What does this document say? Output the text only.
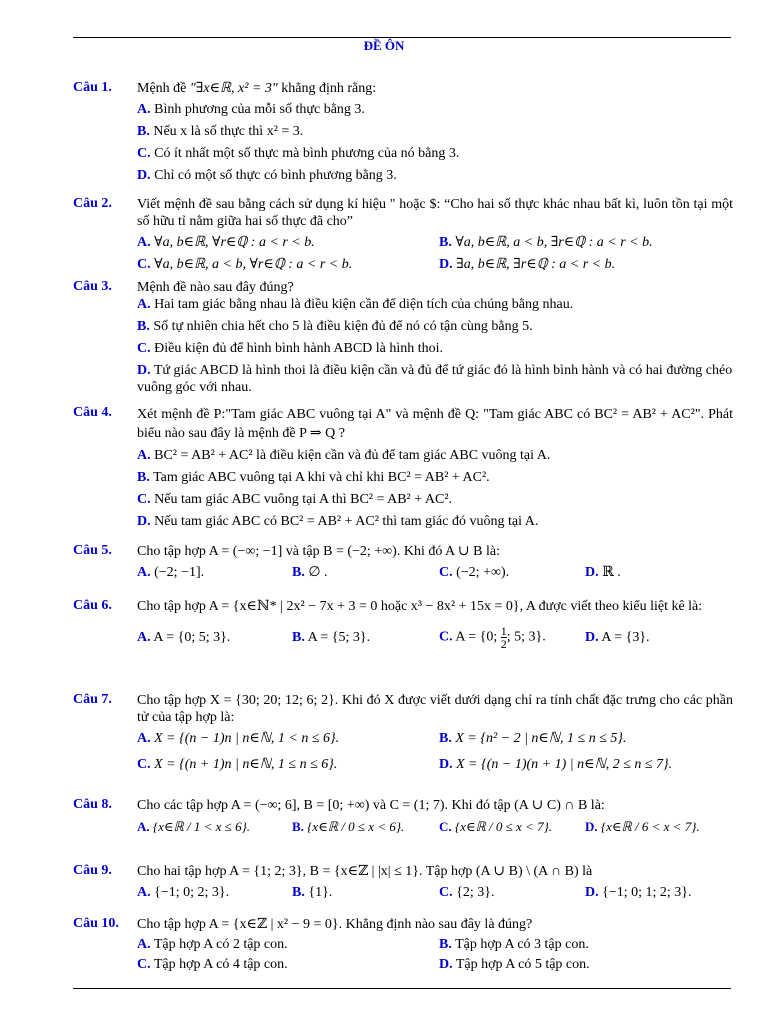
ĐỀ ÔN
Câu 1.	Mệnh đề "∃x∈ℝ, x² = 3" khẳng định rằng:
A. Bình phương của mỗi số thực bằng 3.
B. Nếu x là số thực thì x² = 3.
C. Có ít nhất một số thực mà bình phương của nó bằng 3.
D. Chỉ có một số thực có bình phương bằng 3.
Câu 2.	Viết mệnh đề sau bằng cách sử dụng kí hiệu " hoặc $: “Cho hai số thực khác nhau bất kì, luôn tồn tại một số hữu tỉ nằm giữa hai số thực đã cho”
A. ∀a, b∈ℝ, ∀r∈ℚ : a < r < b.	B. ∀a, b∈ℝ, a < b, ∃r∈ℚ : a < r < b.
C. ∀a, b∈ℝ, a < b, ∀r∈ℚ : a < r < b.	D. ∃a, b∈ℝ, ∃r∈ℚ : a < r < b.
Câu 3.	Mệnh đề nào sau đây đúng?
A. Hai tam giác bằng nhau là điều kiện cần để diện tích của chúng bằng nhau.
B. Số tự nhiên chia hết cho 5 là điều kiện đủ để nó có tận cùng bằng 5.
C. Điều kiện đủ để hình bình hành ABCD là hình thoi.
D. Tứ giác ABCD là hình thoi là điều kiện cần và đủ để tứ giác đó là hình bình hành và có hai đường chéo vuông góc với nhau.
Câu 4.	Xét mệnh đề P:"Tam giác ABC vuông tại A" và mệnh đề Q: "Tam giác ABC có BC² = AB² + AC²". Phát biểu nào sau đây là mệnh đề P ⇒ Q ?
A. BC² = AB² + AC² là điều kiện cần và đủ để tam giác ABC vuông tại A.
B. Tam giác ABC vuông tại A khi và chỉ khi BC² = AB² + AC².
C. Nếu tam giác ABC vuông tại A thì BC² = AB² + AC².
D. Nếu tam giác ABC có BC² = AB² + AC² thì tam giác đó vuông tại A.
Câu 5.	Cho tập hợp A = (−∞; −1] và tập B = (−2; +∞). Khi đó A ∪ B là:
A. (−2; −1].	B. ∅ .	C. (−2; +∞).	D. ℝ .
Câu 6.	Cho tập hợp A = {x∈ℕ* | 2x² − 7x + 3 = 0 hoặc x³ − 8x² + 15x = 0}, A được viết theo kiểu liệt kê là:
A. A = {0; 5; 3}.	B. A = {5; 3}.	C. A = {0; $\frac{1}{2}$ ; 5; 3}.	D. A = {3}.
Câu 7.	Cho tập hợp X = {30; 20; 12; 6; 2}. Khi đó X được viết dưới dạng chỉ ra tính chất đặc trưng cho các phần tử của tập hợp là:
A. X = {(n − 1)n | n∈ℕ, 1 < n ≤ 6}.	B. X = {n² − 2 | n∈ℕ, 1 ≤ n ≤ 5}.
C. X = {(n + 1)n | n∈ℕ, 1 ≤ n ≤ 6}.	D. X = {(n − 1)(n + 1) | n∈ℕ, 2 ≤ n ≤ 7}.
Câu 8.	Cho các tập hợp A = (−∞; 6], B = [0; +∞) và C = (1; 7). Khi đó tập (A ∪ C) ∩ B là:
A. {x∈ℝ / 1 < x ≤ 6}.	B. {x∈ℝ / 0 ≤ x < 6}.	C. {x∈ℝ / 0 ≤ x < 7}.	D. {x∈ℝ / 6 < x < 7}.
Câu 9.	Cho hai tập hợp A = {1; 2; 3}, B = {x∈ℤ | |x| ≤ 1}. Tập hợp (A ∪ B) \ (A ∩ B) là
A. {−1; 0; 2; 3}.	B. {1}.	C. {2; 3}.	D. {−1; 0; 1; 2; 3}.
Câu 10.	Cho tập hợp A = {x∈ℤ | x² − 9 = 0}. Khẳng định nào sau đây là đúng?
A. Tập hợp A có 2 tập con.	B. Tập hợp A có 3 tập con.
C. Tập hợp A có 4 tập con.	D. Tập hợp A có 5 tập con.
